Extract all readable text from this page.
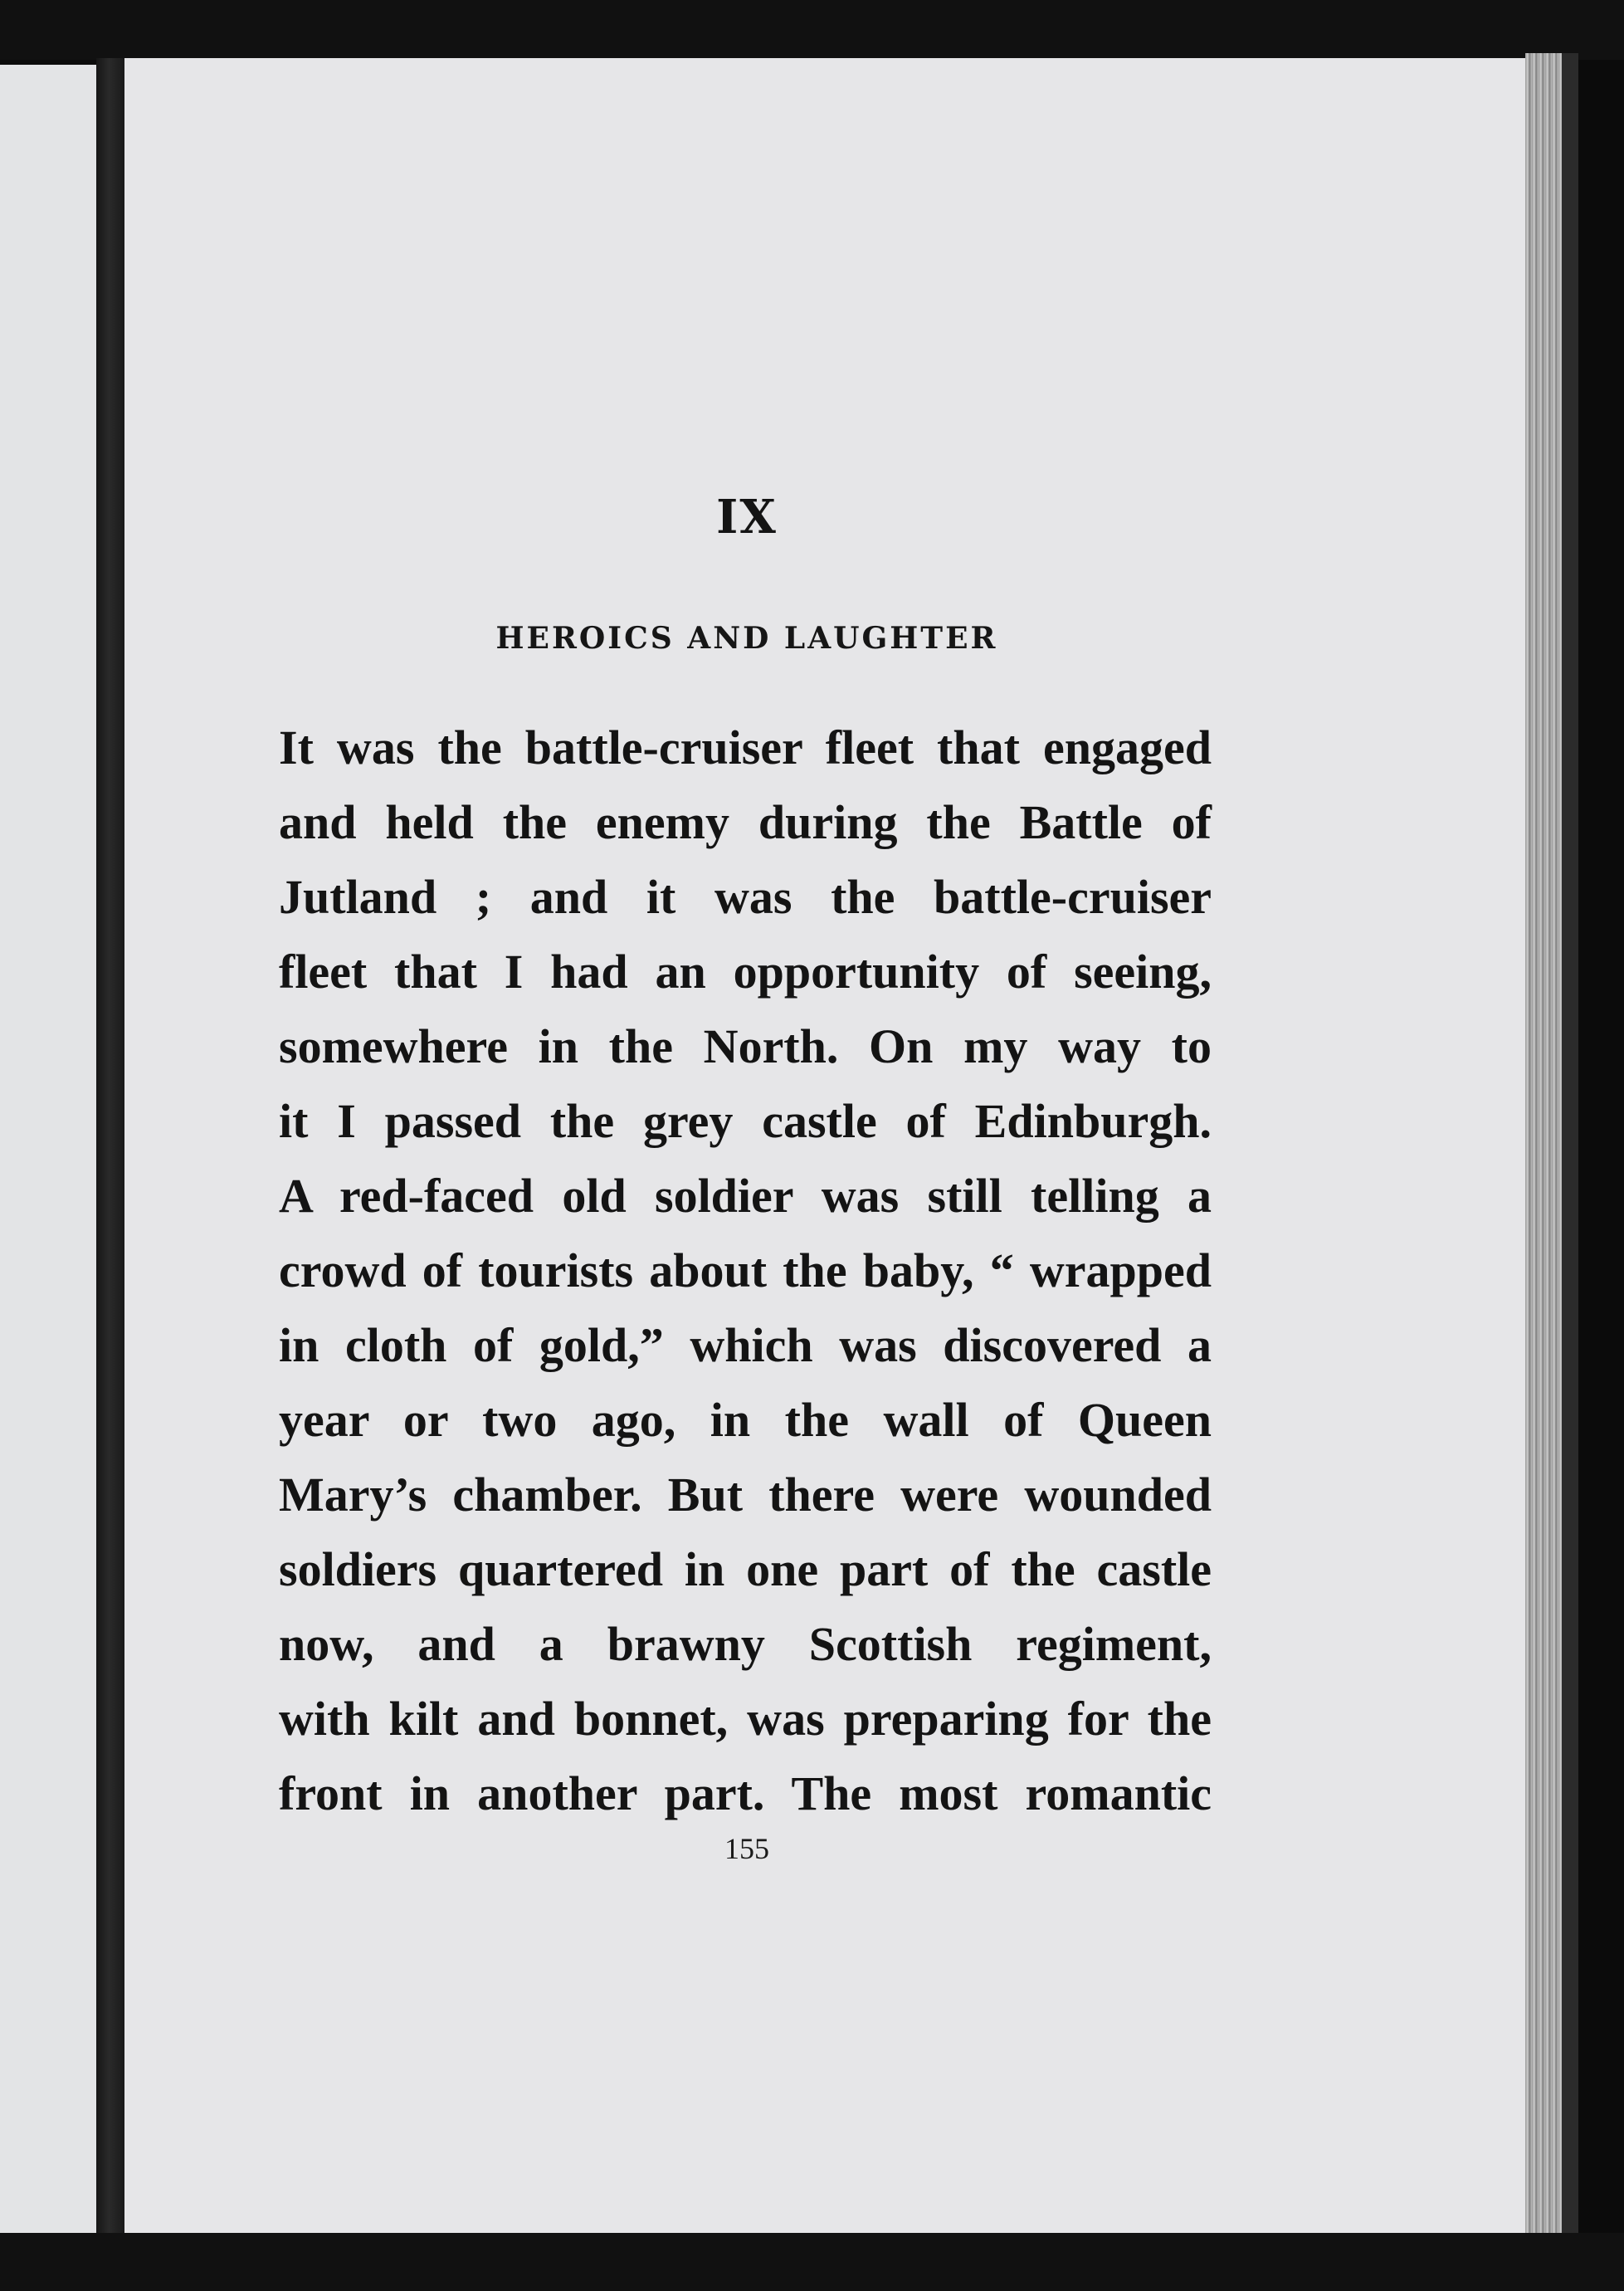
IX
HEROICS AND LAUGHTER
It was the battle-cruiser fleet that engaged
and held the enemy during the Battle of
Jutland ; and it was the battle-cruiser
fleet that I had an opportunity of seeing,
somewhere in the North. On my way to
it I passed the grey castle of Edinburgh.
A red-faced old soldier was still telling a
crowd of tourists about the baby, “ wrapped
in cloth of gold,” which was discovered a
year or two ago, in the wall of Queen
Mary’s chamber. But there were wounded
soldiers quartered in one part of the castle
now, and a brawny Scottish regiment,
with kilt and bonnet, was preparing for the
front in another part. The most romantic
155
